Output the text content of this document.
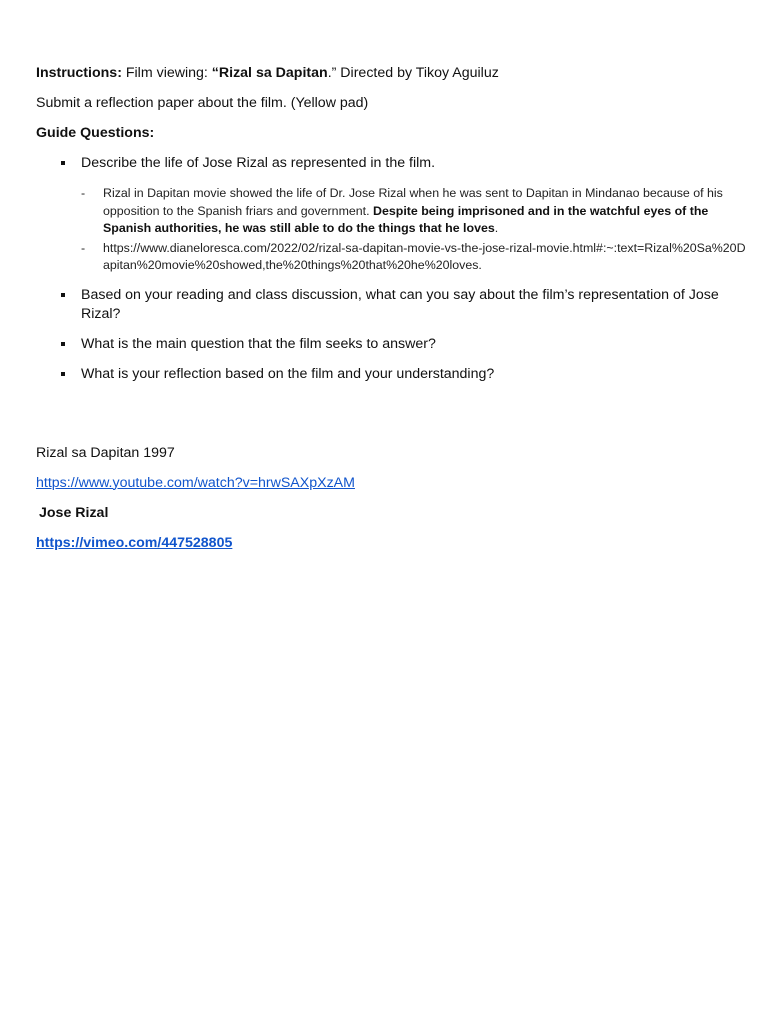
Instructions: Film viewing: “Rizal sa Dapitan.” Directed by Tikoy Aguiluz

Submit a reflection paper about the film. (Yellow pad)

Guide Questions:

Describe the life of Jose Rizal as represented in the film.
- Rizal in Dapitan movie showed the life of Dr. Jose Rizal when he was sent to Dapitan in Mindanao because of his opposition to the Spanish friars and government. Despite being imprisoned and in the watchful eyes of the Spanish authorities, he was still able to do the things that he loves.
- https://www.dianeloresca.com/2022/02/rizal-sa-dapitan-movie-vs-the-jose-rizal-movie.html#:~:text=Rizal%20Sa%20Dapitan%20movie%20showed,the%20things%20that%20he%20loves.
Based on your reading and class discussion, what can you say about the film’s representation of Jose Rizal?
What is the main question that the film seeks to answer?
What is your reflection based on the film and your understanding?

Rizal sa Dapitan 1997

https://www.youtube.com/watch?v=hrwSAXpXzAM

Jose Rizal

https://vimeo.com/447528805
